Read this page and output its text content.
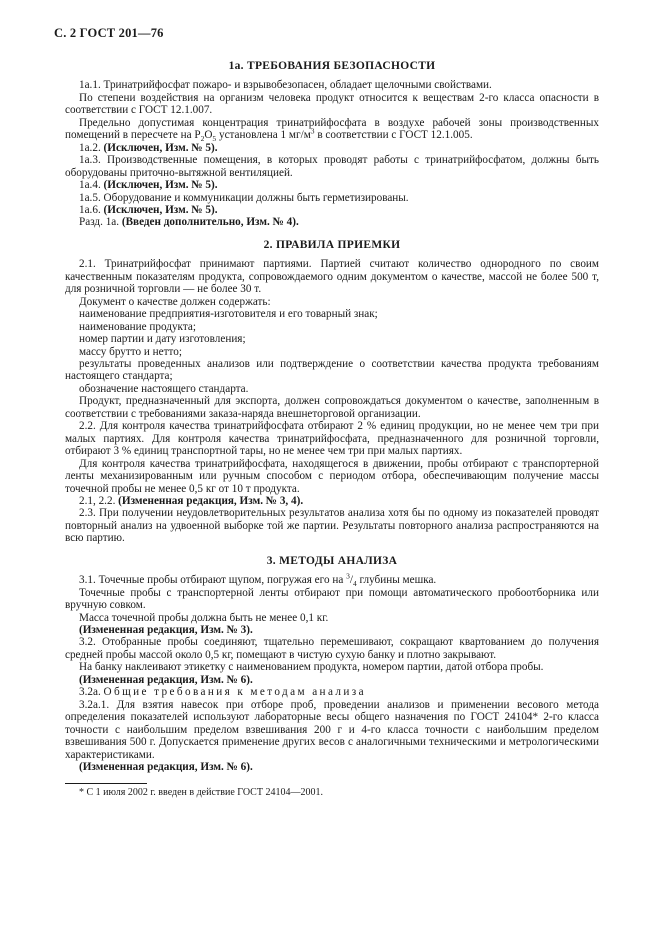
С. 2 ГОСТ 201—76
1а. ТРЕБОВАНИЯ БЕЗОПАСНОСТИ

1а.1. Тринатрийфосфат пожаро- и взрывобезопасен, обладает щелочными свойствами.

По степени воздействия на организм человека продукт относится к веществам 2-го класса опасности в соответствии с ГОСТ 12.1.007.

Предельно допустимая концентрация тринатрийфосфата в воздухе рабочей зоны производственных помещений в пересчете на $P_2O_5$ установлена 1 $мг/м^3$ в соответствии с ГОСТ 12.1.005.

1а.2. (Исключен, Изм. № 5).

1а.3. Производственные помещения, в которых проводят работы с тринатрийфосфатом, должны быть оборудованы приточно-вытяжной вентиляцией.

1а.4. (Исключен, Изм. № 5).

1а.5. Оборудование и коммуникации должны быть герметизированы.

1а.6. (Исключен, Изм. № 5).

Разд. 1а. (Введен дополнительно, Изм. № 4).

2. ПРАВИЛА ПРИЕМКИ

2.1. Тринатрийфосфат принимают партиями. Партией считают количество однородного по своим качественным показателям продукта, сопровождаемого одним документом о качестве, массой не более 500 т, для розничной торговли — не более 30 т.

Документ о качестве должен содержать:

наименование предприятия-изготовителя и его товарный знак;

наименование продукта;

номер партии и дату изготовления;

массу брутто и нетто;

результаты проведенных анализов или подтверждение о соответствии качества продукта требованиям настоящего стандарта;

обозначение настоящего стандарта.

Продукт, предназначенный для экспорта, должен сопровождаться документом о качестве, заполненным в соответствии с требованиями заказа-наряда внешнеторговой организации.

2.2. Для контроля качества тринатрийфосфата отбирают 2 % единиц продукции, но не менее чем три при малых партиях. Для контроля качества тринатрийфосфата, предназначенного для розничной торговли, отбирают 3 % единиц транспортной тары, но не менее чем три при малых партиях.

Для контроля качества тринатрийфосфата, находящегося в движении, пробы отбирают с транспортерной ленты механизированным или ручным способом с периодом отбора, обеспечивающим получение массы точечной пробы не менее 0,5 кг от 10 т продукта.

2.1, 2.2. (Измененная редакция, Изм. № 3, 4).

2.3. При получении неудовлетворительных результатов анализа хотя бы по одному из показателей проводят повторный анализ на удвоенной выборке той же партии. Результаты повторного анализа распространяются на всю партию.

3. МЕТОДЫ АНАЛИЗА

3.1. Точечные пробы отбирают щупом, погружая его на $^3/_4$ глубины мешка.

Точечные пробы с транспортерной ленты отбирают при помощи автоматического пробоотборника или вручную совком.

Масса точечной пробы должна быть не менее 0,1 кг.

(Измененная редакция, Изм. № 3).

3.2. Отобранные пробы соединяют, тщательно перемешивают, сокращают квартованием до получения средней пробы массой около 0,5 кг, помещают в чистую сухую банку и плотно закрывают.

На банку наклеивают этикетку с наименованием продукта, номером партии, датой отбора пробы.

(Измененная редакция, Изм. № 6).

3.2а. Общие требования к методам анализа

3.2а.1. Для взятия навесок при отборе проб, проведении анализов и применении весового метода определения показателей используют лабораторные весы общего назначения по ГОСТ 24104* 2-го класса точности с наибольшим пределом взвешивания 200 г и 4-го класса точности с наибольшим пределом взвешивания 500 г. Допускается применение других весов с аналогичными техническими и метрологическими характеристиками.

(Измененная редакция, Изм. № 6).

* С 1 июля 2002 г. введен в действие ГОСТ 24104—2001.
